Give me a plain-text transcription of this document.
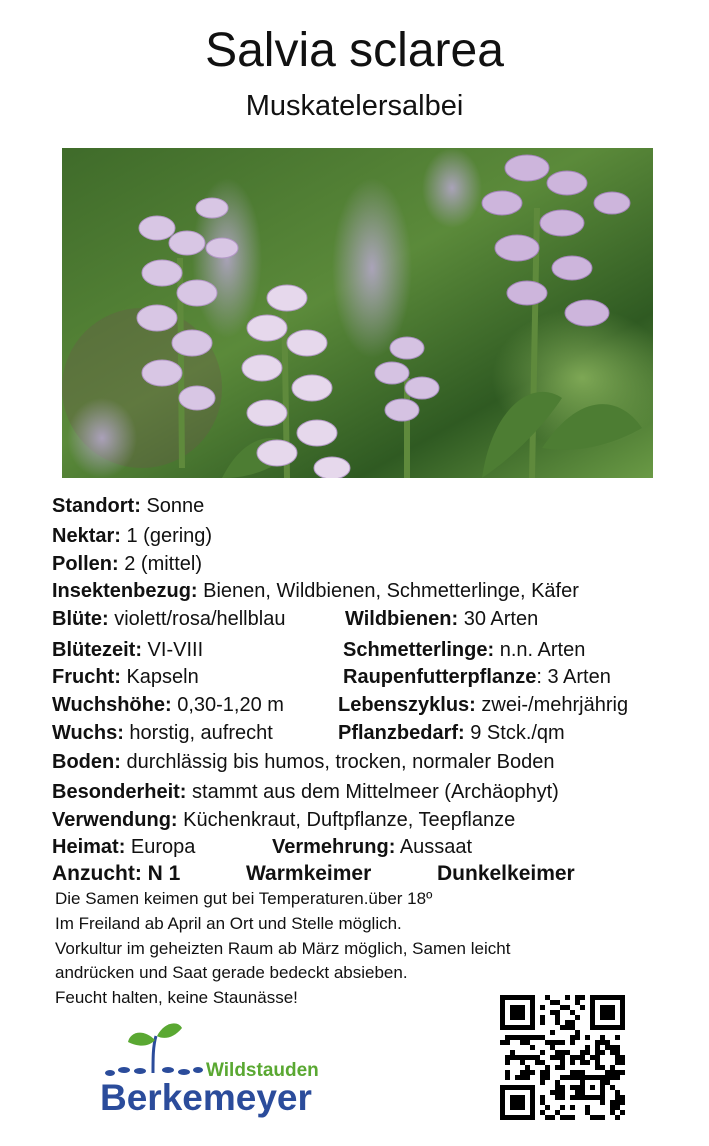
Salvia sclarea
Muskatelersalbei
Standort: Sonne
Nektar: 1 (gering)
Pollen: 2 (mittel)
Insektenbezug: Bienen, Wildbienen, Schmetterlinge, Käfer
Blüte: violett/rosa/hellblau	Wildbienen: 30 Arten
Blütezeit: VI-VIII	Schmetterlinge: n.n. Arten
Frucht: Kapseln	Raupenfutterpflanze: 3 Arten
Wuchshöhe: 0,30-1,20 m	Lebenszyklus: zwei-/mehrjährig
Wuchs: horstig, aufrecht	Pflanzbedarf: 9 Stck./qm
Boden: durchlässig bis humos, trocken, normaler Boden
Besonderheit: stammt aus dem Mittelmeer (Archäophyt)
Verwendung: Küchenkraut, Duftpflanze, Teepflanze
Heimat: Europa	Vermehrung: Aussaat
Anzucht: N 1	Warmkeimer	Dunkelkeimer
Die Samen keimen gut bei Temperaturen.über 18º
Im Freiland ab April an Ort und Stelle möglich.
Vorkultur im geheizten Raum ab März möglich, Samen leicht
andrücken und Saat gerade bedeckt absieben.
Feucht halten, keine Staunässe!
Wildstauden
Berkemeyer
